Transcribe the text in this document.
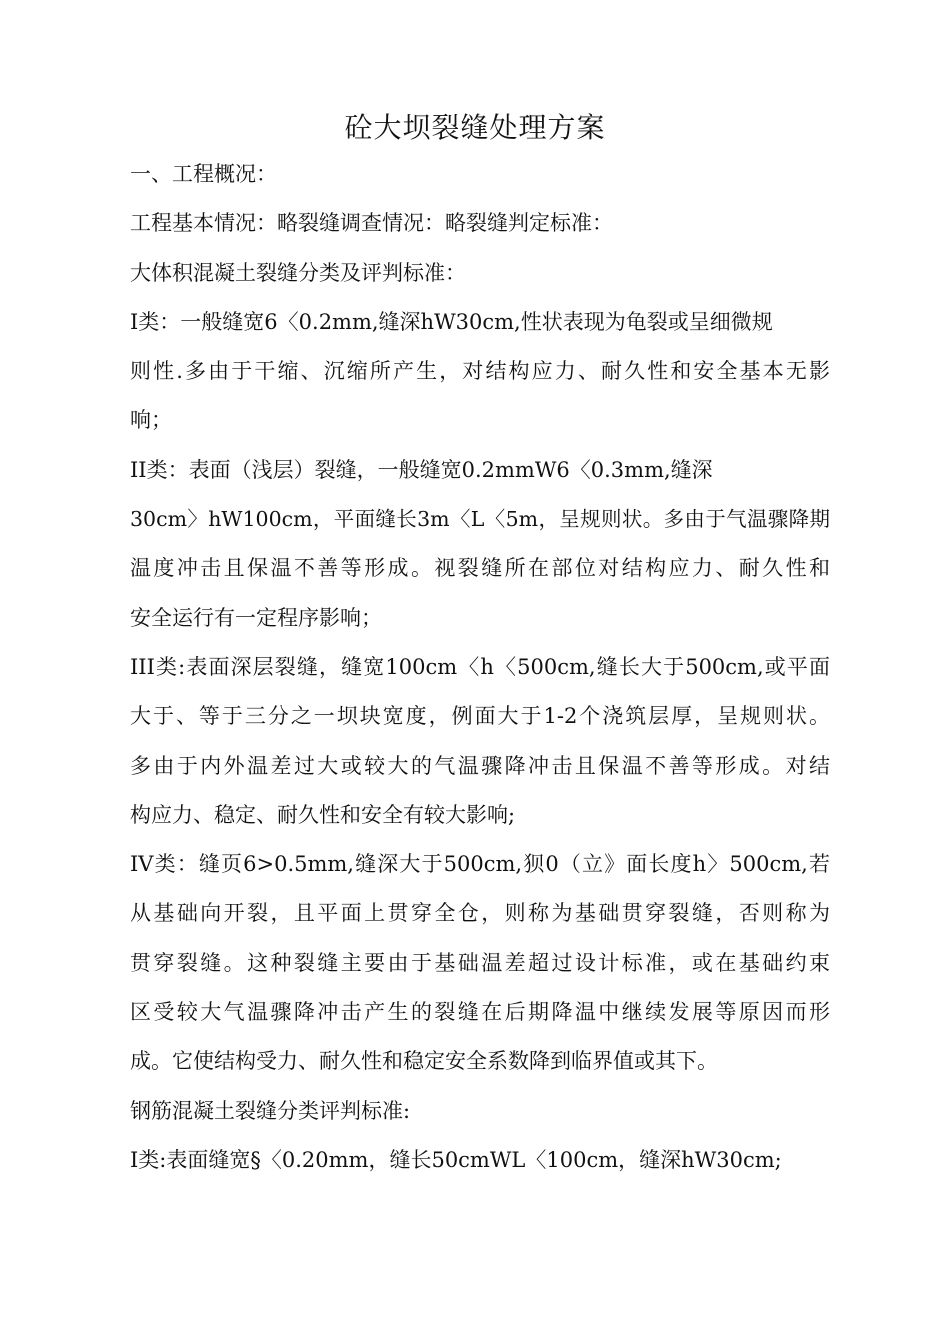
砼大坝裂缝处理方案
一、工程概况：
工程基本情况：略裂缝调查情况：略裂缝判定标准：
大体积混凝土裂缝分类及评判标准：
I类：一般缝宽6〈0.2mm,缝深hW30cm,性状表现为龟裂或呈细微规
则性.多由于干缩、沉缩所产生，对结构应力、耐久性和安全基本无影
响；
II类：表面（浅层）裂缝，一般缝宽0.2mmW6〈0.3mm,缝深
30cm〉hW100cm，平面缝长3m〈L〈5m，呈规则状。多由于气温骤降期
温度冲击且保温不善等形成。视裂缝所在部位对结构应力、耐久性和
安全运行有一定程序影响；
III类:表面深层裂缝，缝宽100cm〈h〈500cm,缝长大于500cm,或平面
大于、等于三分之一坝块宽度，例面大于1-2个浇筑层厚，呈规则状。
多由于内外温差过大或较大的气温骤降冲击且保温不善等形成。对结
构应力、稳定、耐久性和安全有较大影响;
IV类：缝页6>0.5mm,缝深大于500cm,狈0（立》面长度h〉500cm,若
从基础向开裂，且平面上贯穿全仓，则称为基础贯穿裂缝，否则称为
贯穿裂缝。这种裂缝主要由于基础温差超过设计标准，或在基础约束
区受较大气温骤降冲击产生的裂缝在后期降温中继续发展等原因而形
成。它使结构受力、耐久性和稳定安全系数降到临界值或其下。
钢筋混凝土裂缝分类评判标准:
I类:表面缝宽§〈0.20mm，缝长50cmWL〈100cm，缝深hW30cm;
